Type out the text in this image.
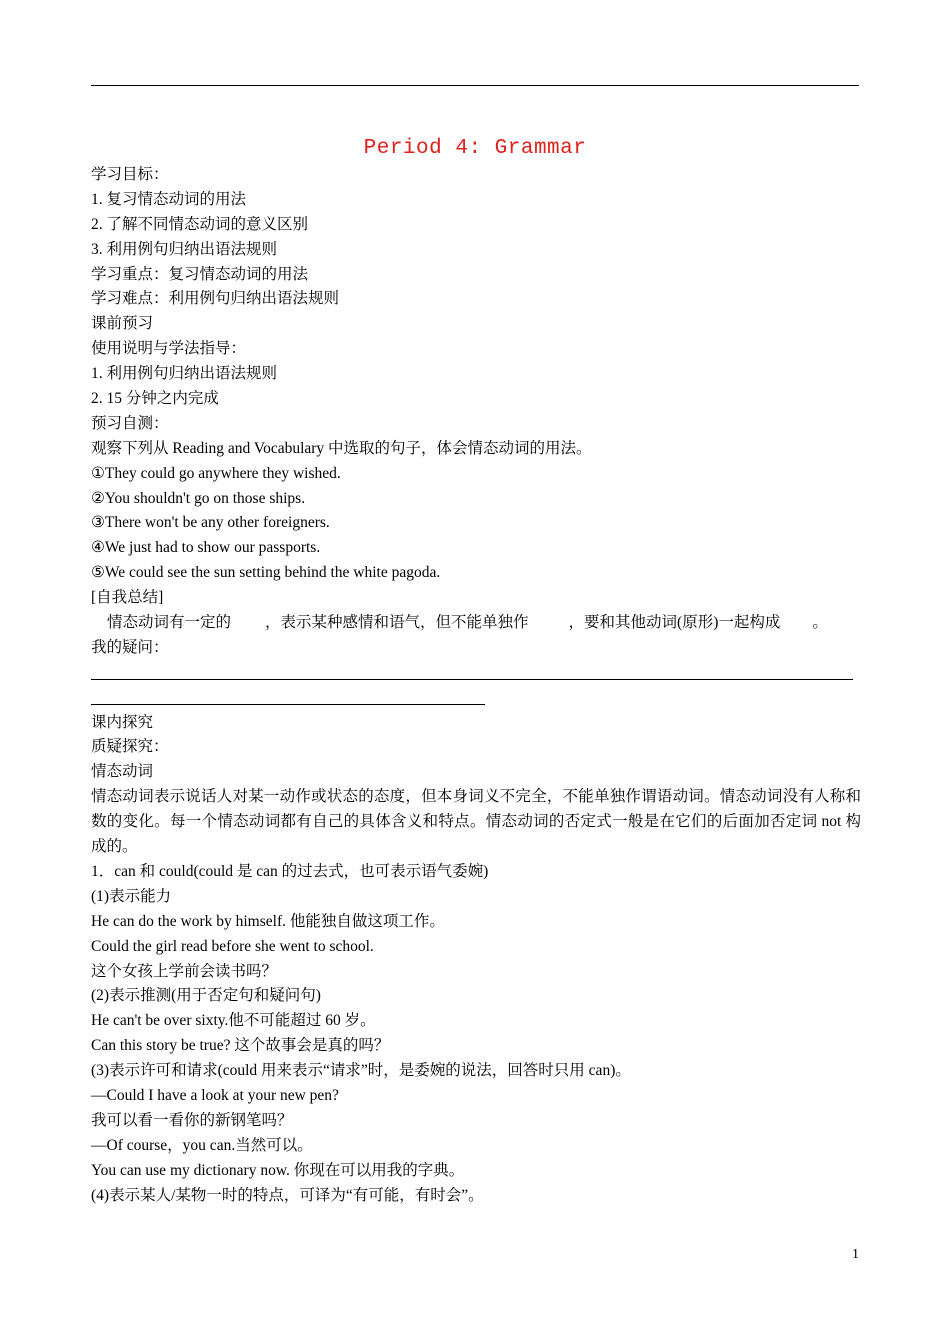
Period 4: Grammar
学习目标：
1. 复习情态动词的用法
2. 了解不同情态动词的意义区别
3. 利用例句归纳出语法规则
学习重点：复习情态动词的用法
学习难点：利用例句归纳出语法规则
课前预习
使用说明与学法指导：
1. 利用例句归纳出语法规则
2. 15 分钟之内完成
预习自测：
观察下列从 Reading and Vocabulary 中选取的句子，体会情态动词的用法。
①They could go anywhere they wished.
②You shouldn't go on those ships.
③There won't be any other foreigners.
④We just had to show our passports.
⑤We could see the sun setting behind the white pagoda.
[自我总结]
情态动词有一定的 ，表示某种感情和语气，但不能单独作	，要和其他动词(原形)一起构成 。
我的疑问：
课内探究
质疑探究：
情态动词
情态动词表示说话人对某一动作或状态的态度，但本身词义不完全，不能单独作谓语动词。情态动词没有人称和数的变化。每一个情态动词都有自己的具体含义和特点。情态动词的否定式一般是在它们的后面加否定词 not 构成的。
1．can 和 could(could 是 can 的过去式，也可表示语气委婉)
(1)表示能力
He can do the work by himself. 他能独自做这项工作。
Could the girl read before she went to school.
这个女孩上学前会读书吗？
(2)表示推测(用于否定句和疑问句)
He can't be over sixty.他不可能超过 60 岁。
Can this story be true? 这个故事会是真的吗？
(3)表示许可和请求(could 用来表示“请求”时，是委婉的说法，回答时只用 can)。
—Could I have a look at your new pen?
我可以看一看你的新钢笔吗？
—Of course，you can.当然可以。
You can use my dictionary now. 你现在可以用我的字典。
(4)表示某人/某物一时的特点，可译为“有可能，有时会”。
1
